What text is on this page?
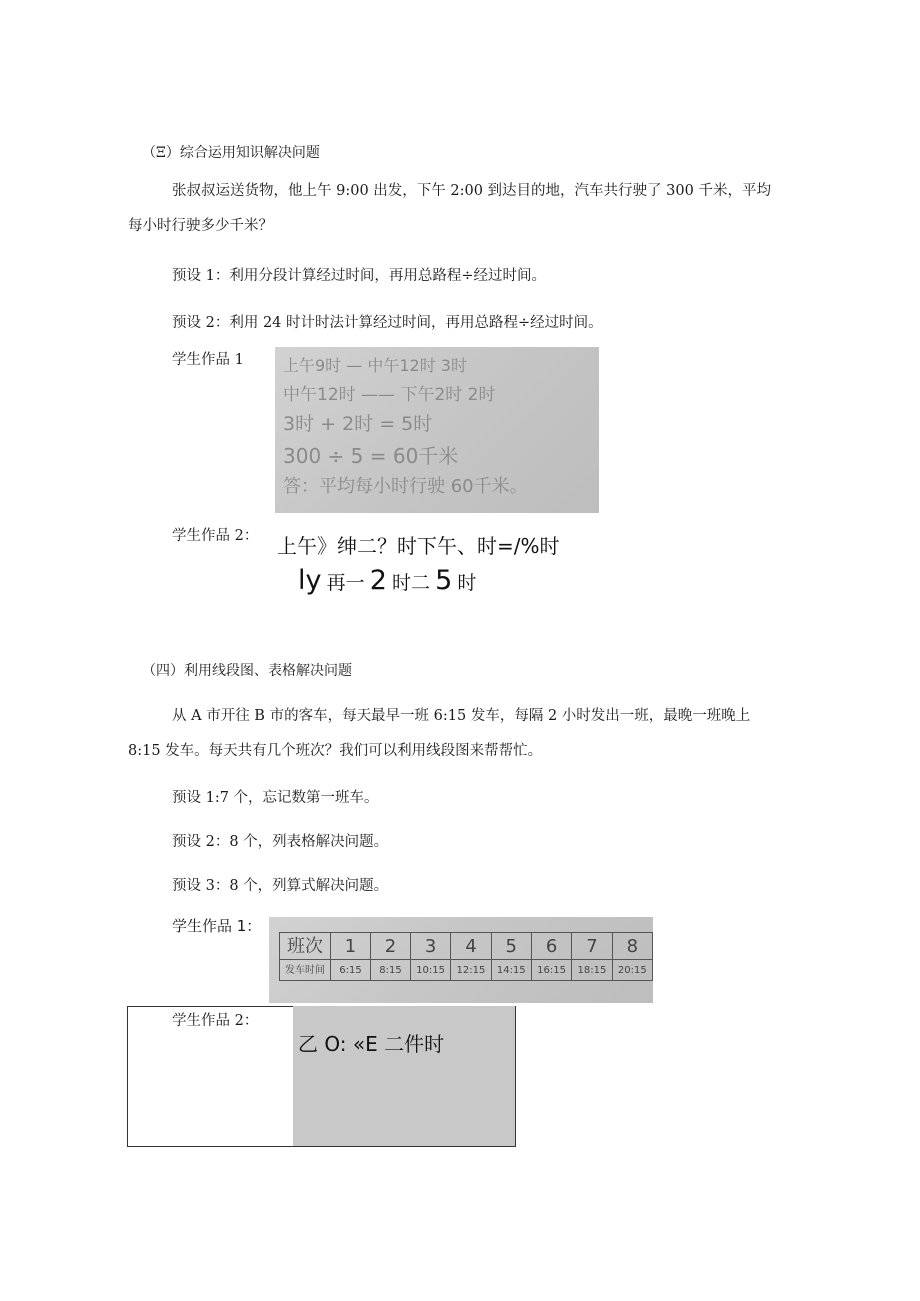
（Ξ）综合运用知识解决问题
张叔叔运送货物，他上午 9:00 出发，下午 2:00 到达目的地，汽车共行驶了 300 千米，平均
每小时行驶多少千米？
预设 1：利用分段计算经过时间，再用总路程÷经过时间。
预设 2：利用 24 时计时法计算经过时间，再用总路程÷经过时间。
学生作品 1 上午9时 — 中午12时 3时
中午12时 —— 下午2时 2时
3时 + 2时 = 5时
300 ÷ 5 = 60千米
答：平均每小时行驶 60千米。
学生作品 2： 上午》绅二？时下午、时=/%时
ly 再一 2 时二 5 时
（四）利用线段图、表格解决问题
从 A 市开往 B 市的客车，每天最早一班 6:15 发车，每隔 2 小时发出一班，最晚一班晚上
8:15 发车。每天共有几个班次？我们可以利用线段图来帮帮忙。
预设 1:7 个，忘记数第一班车。
预设 2：8 个，列表格解决问题。
预设 3：8 个，列算式解决问题。
学生作品 1：
班次	1	2	3	4	5	6	7	8
发车时间	6:15	8:15	10:15	12:15	14:15	16:15	18:15	20:15
乙 O: «E 二件时
学生作品 2：
